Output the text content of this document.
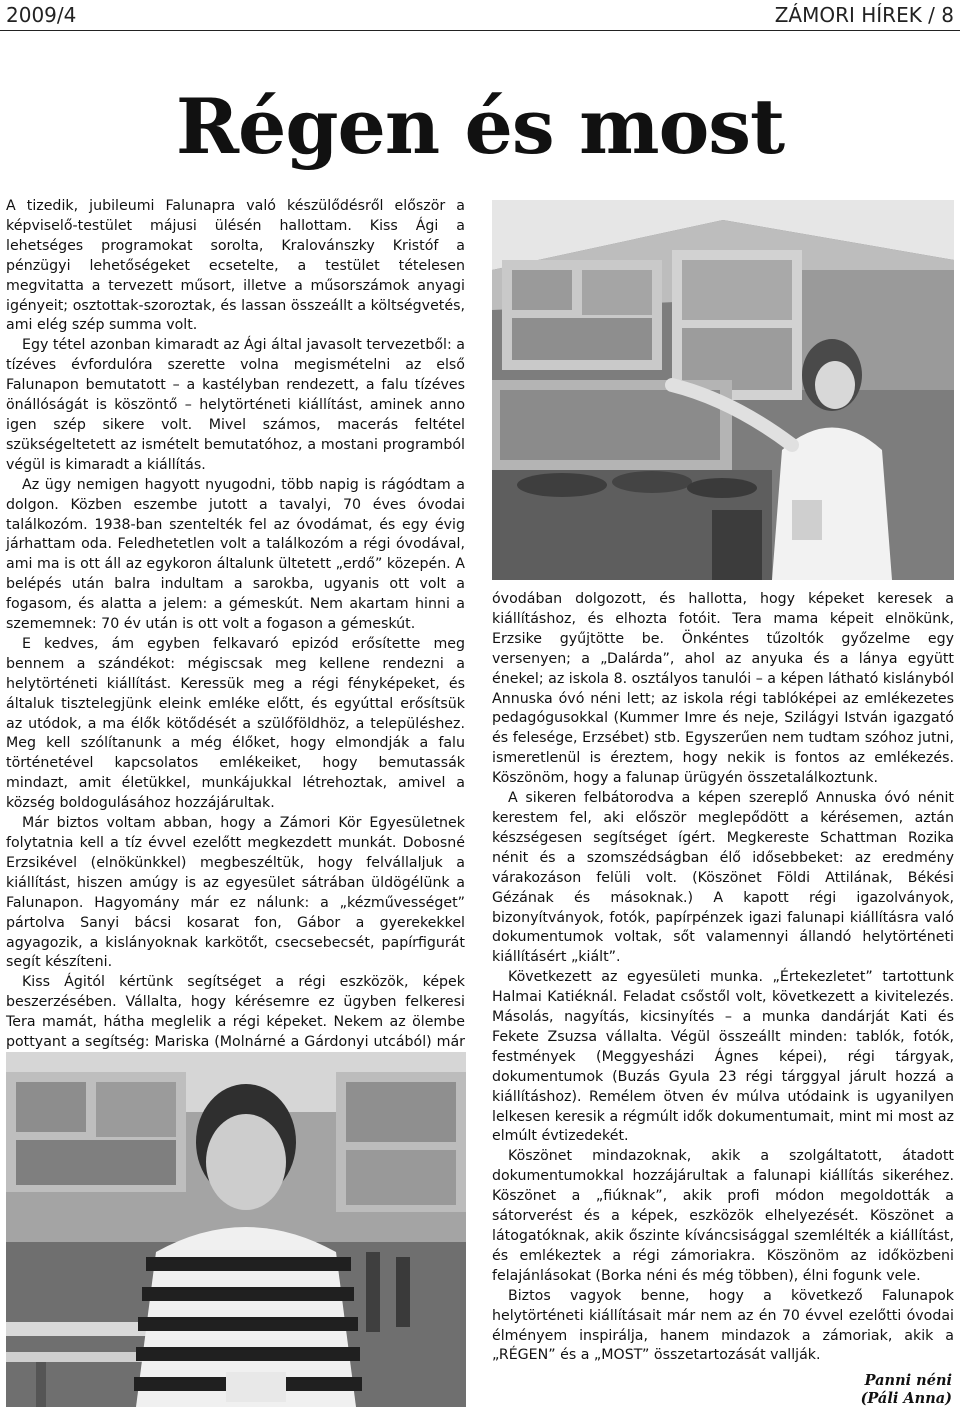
2009/4	ZÁMORI HÍREK / 8
Régen és most

A tizedik, jubileumi Falunapra való készülődésről először a képviselő-testület májusi ülésén hallottam. Kiss Ági a lehetséges programokat sorolta, Kralovánszky Kristóf a pénzügyi lehetőségeket ecsetelte, a testület tételesen megvitatta a tervezett műsort, illetve a műsorszámok anyagi igényeit; osztottak-szoroztak, és lassan összeállt a költségvetés, ami elég szép summa volt.

Egy tétel azonban kimaradt az Ági által javasolt tervezetből: a tízéves évfordulóra szerette volna megismételni az első Falunapon bemutatott – a kastélyban rendezett, a falu tízéves önállóságát is köszöntő – helytörténeti kiállítást, aminek anno igen szép sikere volt. Mivel számos, macerás feltétel szükségeltetett az ismételt bemutatóhoz, a mostani programból végül is kimaradt a kiállítás.

Az ügy nemigen hagyott nyugodni, több napig is rágódtam a dolgon. Közben eszembe jutott a tavalyi, 70 éves óvodai találkozóm. 1938-ban szentelték fel az óvodámat, és egy évig járhattam oda. Feledhetetlen volt a találkozóm a régi óvodával, ami ma is ott áll az egykoron általunk ültetett „erdő” közepén. A belépés után balra indultam a sarokba, ugyanis ott volt a fogasom, és alatta a jelem: a gémeskút. Nem akartam hinni a szememnek: 70 év után is ott volt a fogason a gémeskút.

E kedves, ám egyben felkavaró epizód erősítette meg bennem a szándékot: mégiscsak meg kellene rendezni a helytörténeti kiállítást. Keressük meg a régi fényképeket, és általuk tisztelegjünk eleink emléke előtt, és egyúttal erősítsük az utódok, a ma élők kötődését a szülőföldhöz, a településhez. Meg kell szólítanunk a még élőket, hogy elmondják a falu történetével kapcsolatos emlékeiket, hogy bemutassák mindazt, amit életükkel, munkájukkal létrehoztak, amivel a község boldogulásához hozzájárultak.

Már biztos voltam abban, hogy a Zámori Kör Egyesületnek folytatnia kell a tíz évvel ezelőtt megkezdett munkát. Dobosné Erzsikével (elnökünkkel) megbeszéltük, hogy felvállaljuk a kiállítást, hiszen amúgy is az egyesület sátrában üldögélünk a Falunapon. Hagyomány már ez nálunk: a „kézművességet” pártolva Sanyi bácsi kosarat fon, Gábor a gyerekekkel agyagozik, a kislányoknak karkötőt, csecsebecsét, papírfigurát segít készíteni.

Kiss Ágitól kértünk segítséget a régi eszközök, képek beszerzésében. Vállalta, hogy kérésemre ez ügyben felkeresi Tera mamát, hátha meglelik a régi képeket. Nekem az ölembe pottyant a segítség: Mariska (Molnárné a Gárdonyi utcából) már

óvodában dolgozott, és hallotta, hogy képeket keresek a kiállításhoz, és elhozta fotóit. Tera mama képeit elnökünk, Erzsike gyűjtötte be. Önkéntes tűzoltók győzelme egy versenyen; a „Dalárda”, ahol az anyuka és a lánya együtt énekel; az iskola 8. osztályos tanulói – a képen látható kislányból Annuska óvó néni lett; az iskola régi tablóképei az emlékezetes pedagógusokkal (Kummer Imre és neje, Szilágyi István igazgató és felesége, Erzsébet) stb. Egyszerűen nem tudtam szóhoz jutni, ismeretlenül is éreztem, hogy nekik is fontos az emlékezés. Köszönöm, hogy a falunap ürügyén összetalálkoztunk.

A sikeren felbátorodva a képen szereplő Annuska óvó nénit kerestem fel, aki először meglepődött a kérésemen, aztán készségesen segítséget ígért. Megkereste Schattman Rozika nénit és a szomszédságban élő idősebbeket: az eredmény várakozáson felüli volt. (Köszönet Földi Attilának, Békési Gézának és másoknak.) A kapott régi igazolványok, bizonyítványok, fotók, papírpénzek igazi falunapi kiállításra való dokumentumok voltak, sőt valamennyi állandó helytörténeti kiállításért „kiált”.

Következett az egyesületi munka. „Értekezletet” tartottunk Halmai Katiéknál. Feladat csőstől volt, következett a kivitelezés. Másolás, nagyítás, kicsinyítés – a munka dandárját Kati és Fekete Zsuzsa vállalta. Végül összeállt minden: tablók, fotók, festmények (Meggyesházi Ágnes képei), régi tárgyak, dokumentumok (Buzás Gyula 23 régi tárggyal járult hozzá a kiállításhoz). Remélem ötven év múlva utódaink is ugyanilyen lelkesen keresik a régmúlt idők dokumentumait, mint mi most az elmúlt évtizedekét.

Köszönet mindazoknak, akik a szolgáltatott, átadott dokumentumokkal hozzájárultak a falunapi kiállítás sikeréhez. Köszönet a „fiúknak”, akik profi módon megoldották a sátorverést és a képek, eszközök elhelyezését. Köszönet a látogatóknak, akik őszinte kíváncsisággal szemlélték a kiállítást, és emlékeztek a régi zámoriakra. Köszönöm az időközbeni felajánlásokat (Borka néni és még többen), élni fogunk vele.

Biztos vagyok benne, hogy a következő Falunapok helytörténeti kiállításait már nem az én 70 évvel ezelőtti óvodai élményem inspirálja, hanem mindazok a zámoriak, akik a „RÉGEN” és a „MOST” összetartozását vallják.

Panni néni
(Páli Anna)
